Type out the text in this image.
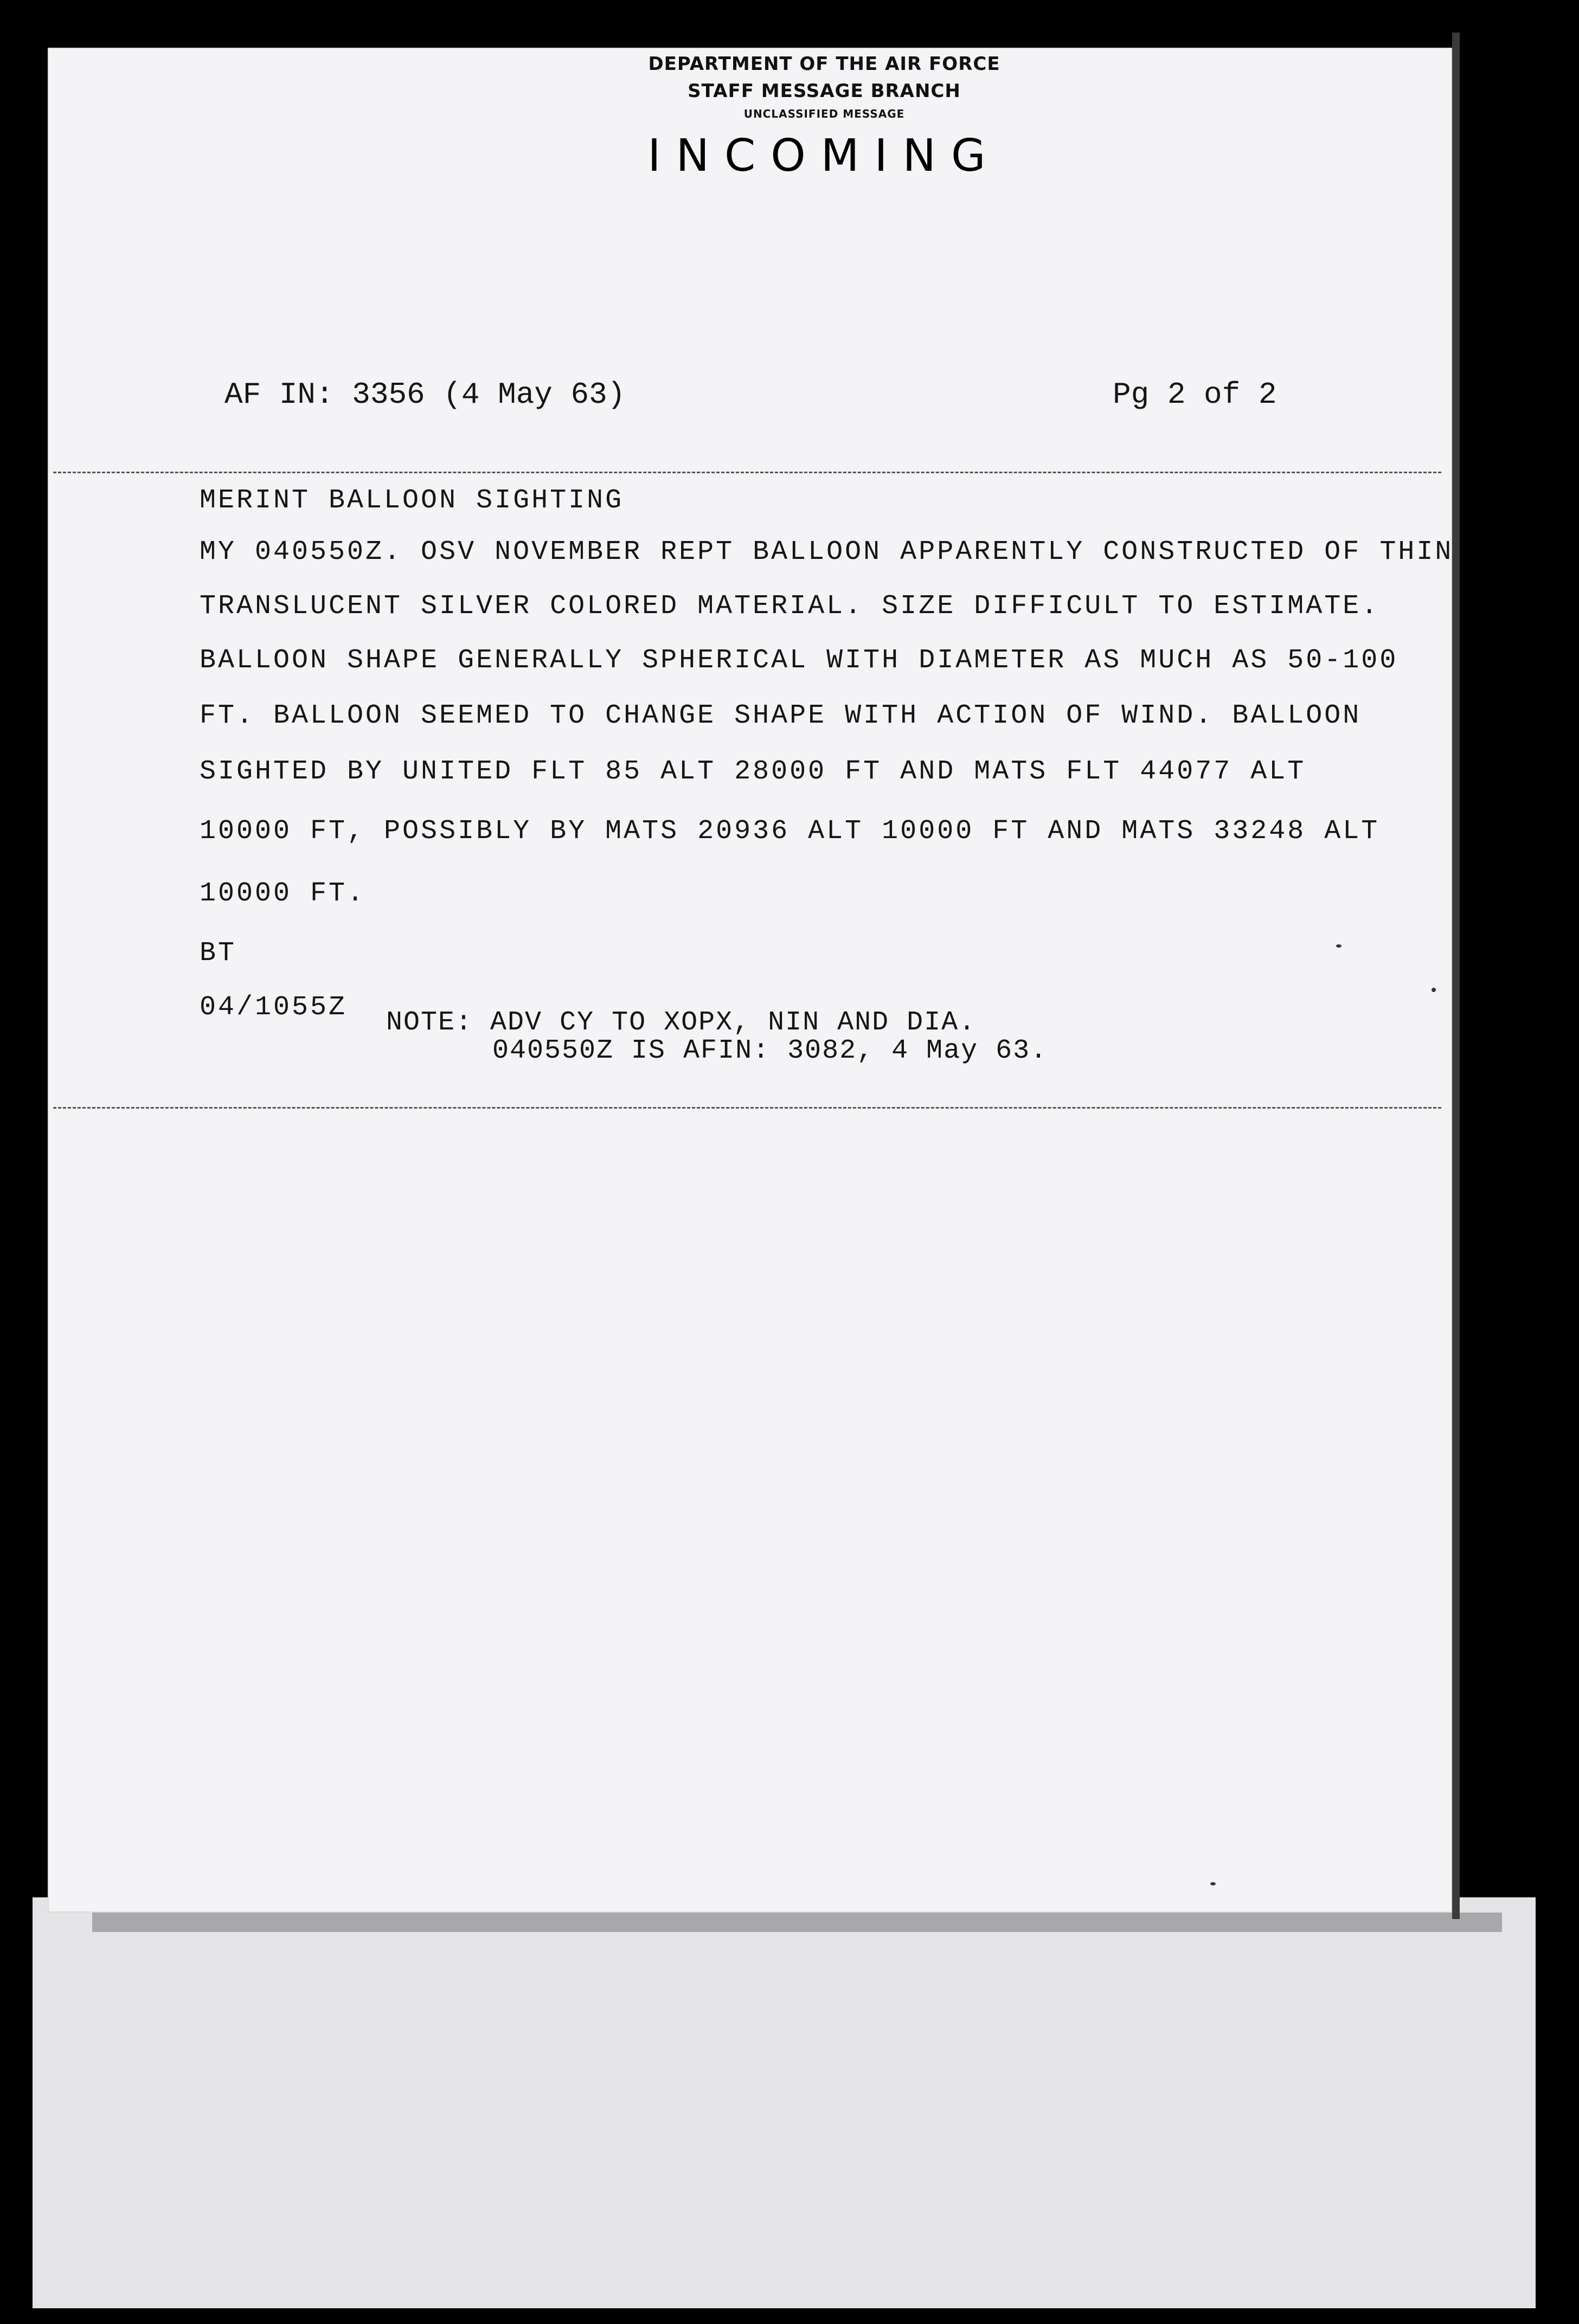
DEPARTMENT OF THE AIR FORCE
STAFF MESSAGE BRANCH
UNCLASSIFIED MESSAGE
INCOMING
AF IN: 3356 (4 May 63)	Pg 2 of 2
MERINT BALLOON SIGHTING
MY 040550Z. OSV NOVEMBER REPT BALLOON APPARENTLY CONSTRUCTED OF THIN
TRANSLUCENT SILVER COLORED MATERIAL. SIZE DIFFICULT TO ESTIMATE.
BALLOON SHAPE GENERALLY SPHERICAL WITH DIAMETER AS MUCH AS 50-100
FT. BALLOON SEEMED TO CHANGE SHAPE WITH ACTION OF WIND. BALLOON
SIGHTED BY UNITED FLT 85 ALT 28000 FT AND MATS FLT 44077 ALT
10000 FT, POSSIBLY BY MATS 20936 ALT 10000 FT AND MATS 33248 ALT
10000 FT.
BT
04/1055Z NOTE: ADV CY TO XOPX, NIN AND DIA.
040550Z IS AFIN: 3082, 4 May 63.
